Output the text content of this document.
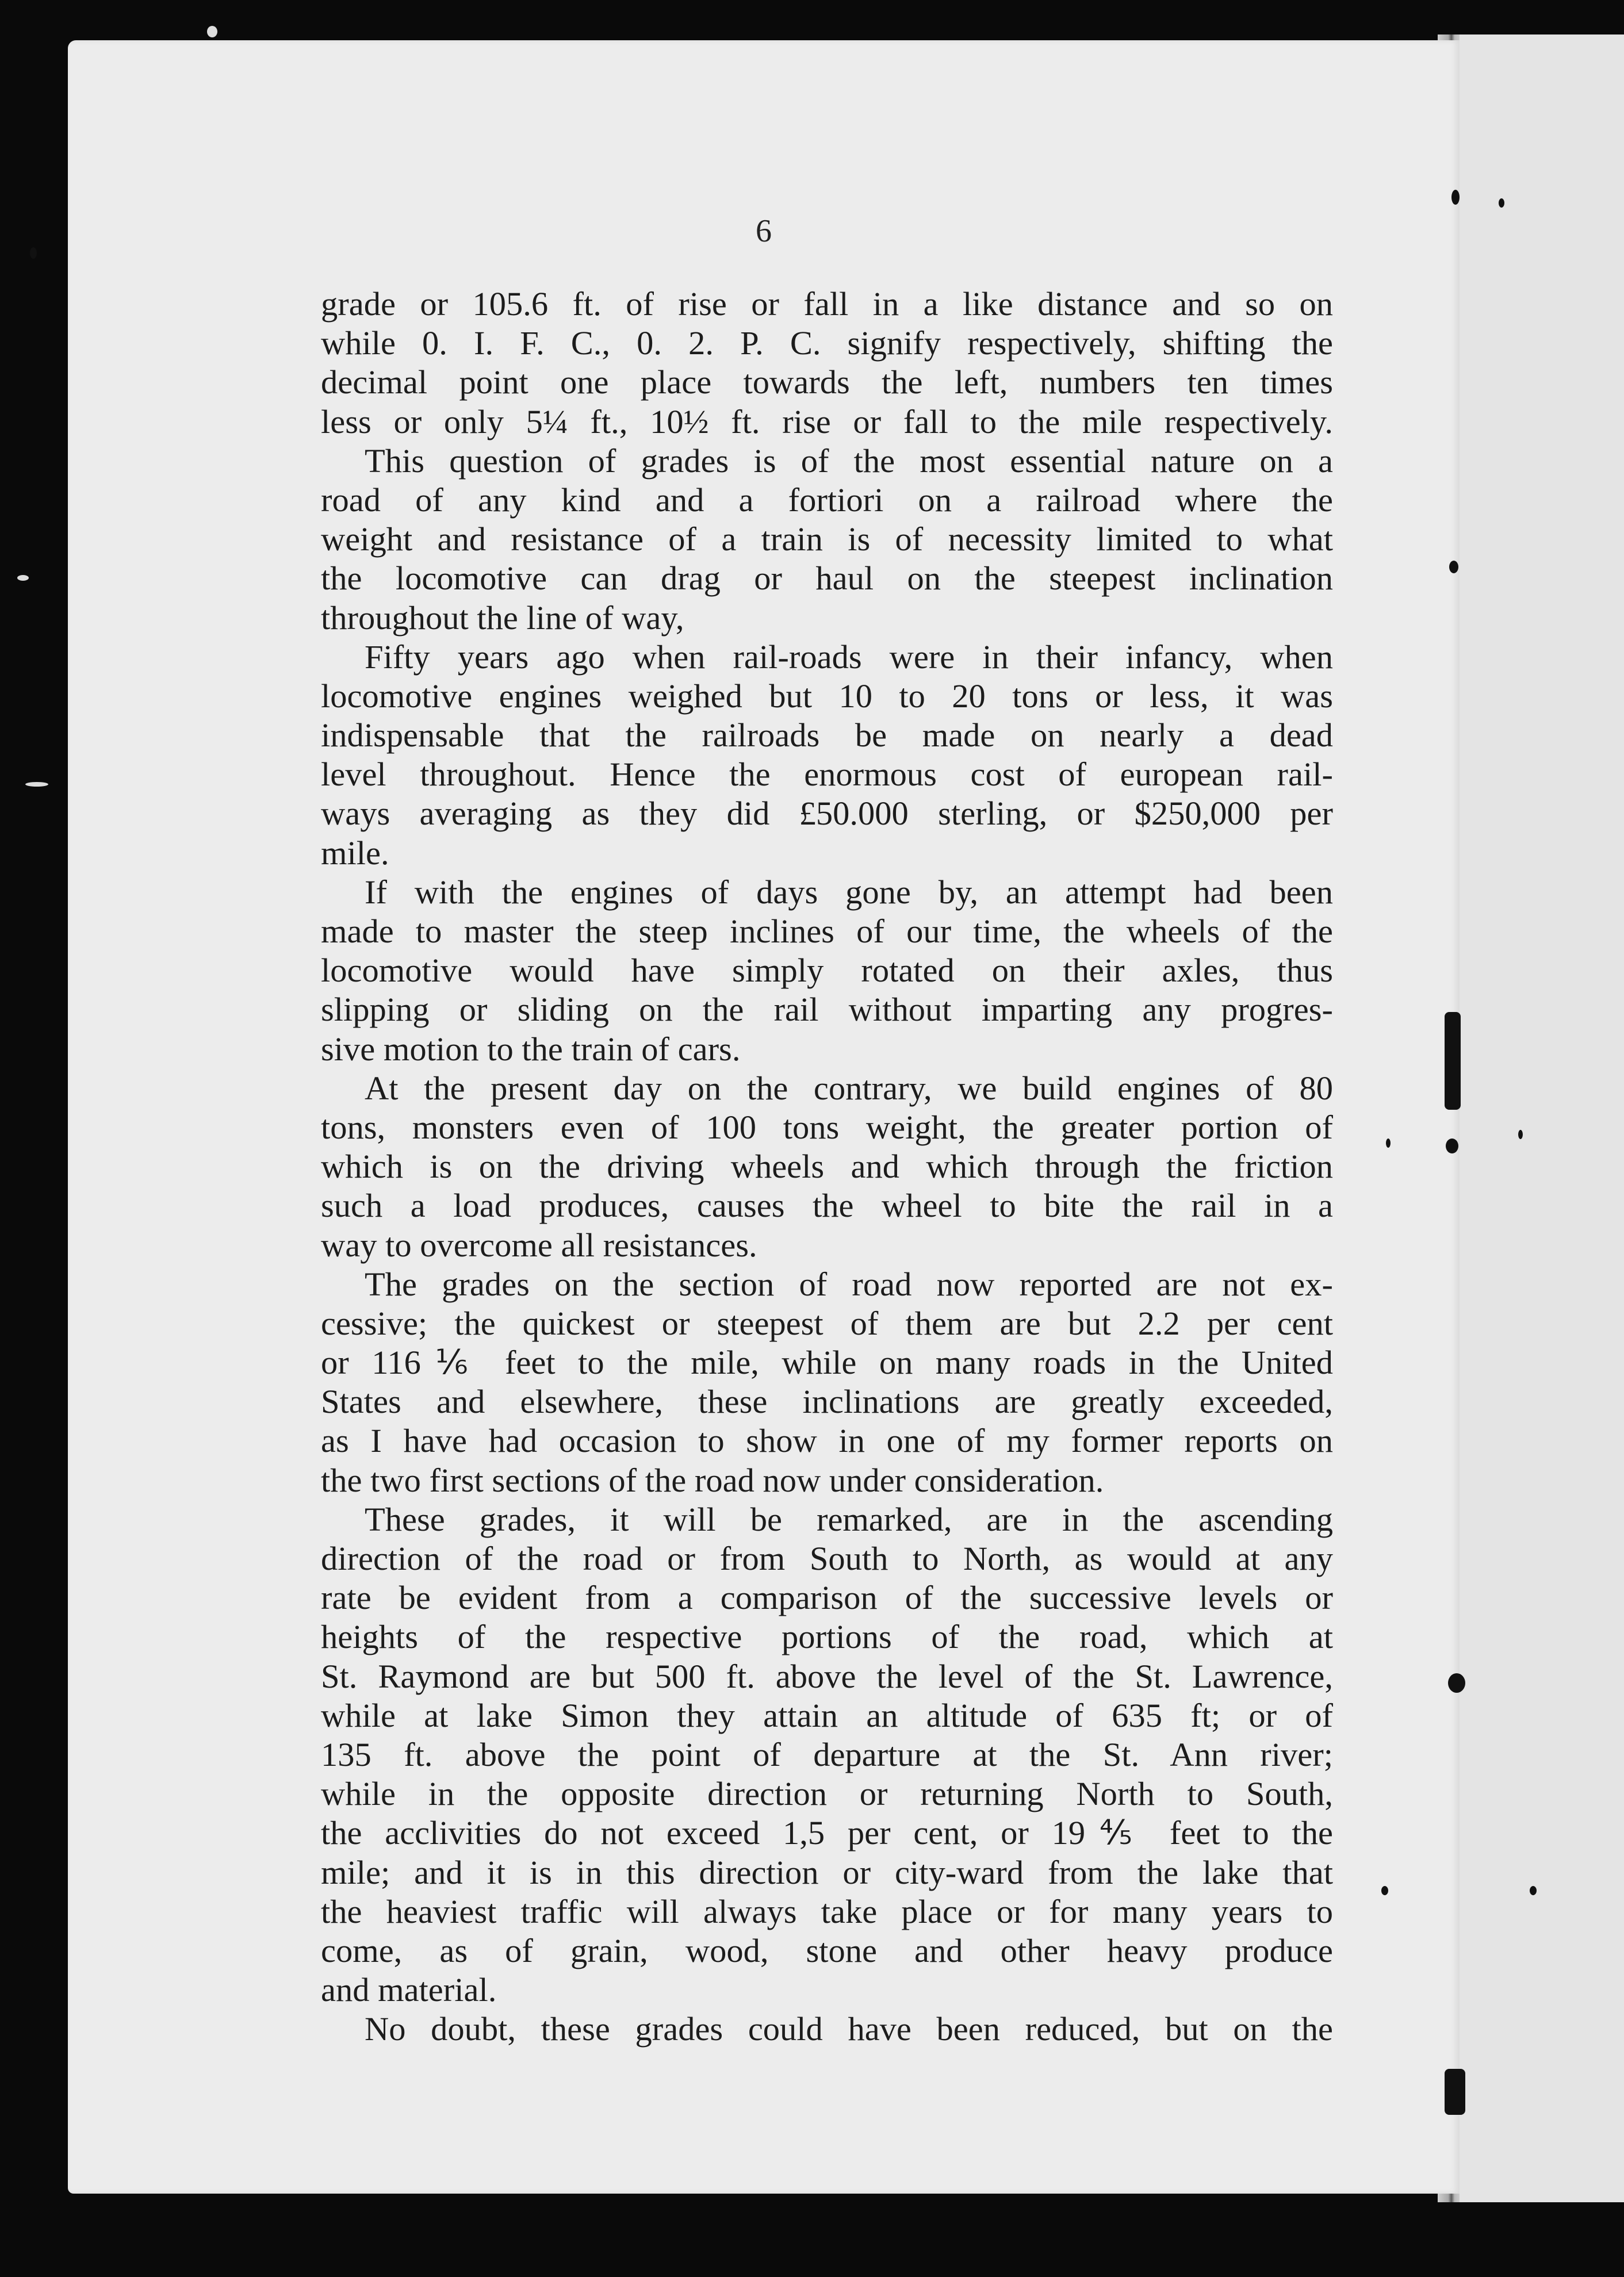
6
grade or 105.6 ft. of rise or fall in a like distance and so on
while 0. I. F. C., 0. 2. P. C. signify respectively, shifting the
decimal point one place towards the left, numbers ten times
less or only 5¼ ft., 10½ ft. rise or fall to the mile respectively.
This question of grades is of the most essential nature on a
road of any kind and a fortiori on a railroad where the
weight and resistance of a train is of necessity limited to what
the locomotive can drag or haul on the steepest inclination
throughout the line of way,
Fifty years ago when rail-roads were in their infancy, when
locomotive engines weighed but 10 to 20 tons or less, it was
indispensable that the railroads be made on nearly a dead
level throughout. Hence the enormous cost of european rail-
ways averaging as they did £50.000 sterling, or $250,000 per
mile.
If with the engines of days gone by, an attempt had been
made to master the steep inclines of our time, the wheels of the
locomotive would have simply rotated on their axles, thus
slipping or sliding on the rail without imparting any progres-
sive motion to the train of cars.
At the present day on the contrary, we build engines of 80
tons, monsters even of 100 tons weight, the greater portion of
which is on the driving wheels and which through the friction
such a load produces, causes the wheel to bite the rail in a
way to overcome all resistances.
The grades on the section of road now reported are not ex-
cessive; the quickest or steepest of them are but 2.2 per cent
or 116⅙ feet to the mile, while on many roads in the United
States and elsewhere, these inclinations are greatly exceeded,
as I have had occasion to show in one of my former reports on
the two first sections of the road now under consideration.
These grades, it will be remarked, are in the ascending
direction of the road or from South to North, as would at any
rate be evident from a comparison of the successive levels or
heights of the respective portions of the road, which at
St. Raymond are but 500 ft. above the level of the St. Lawrence,
while at lake Simon they attain an altitude of 635 ft; or of
135 ft. above the point of departure at the St. Ann river;
while in the opposite direction or returning North to South,
the acclivities do not exceed 1,5 per cent, or 19⅘ feet to the
mile; and it is in this direction or city-ward from the lake that
the heaviest traffic will always take place or for many years to
come, as of grain, wood, stone and other heavy produce
and material.
No doubt, these grades could have been reduced, but on the
